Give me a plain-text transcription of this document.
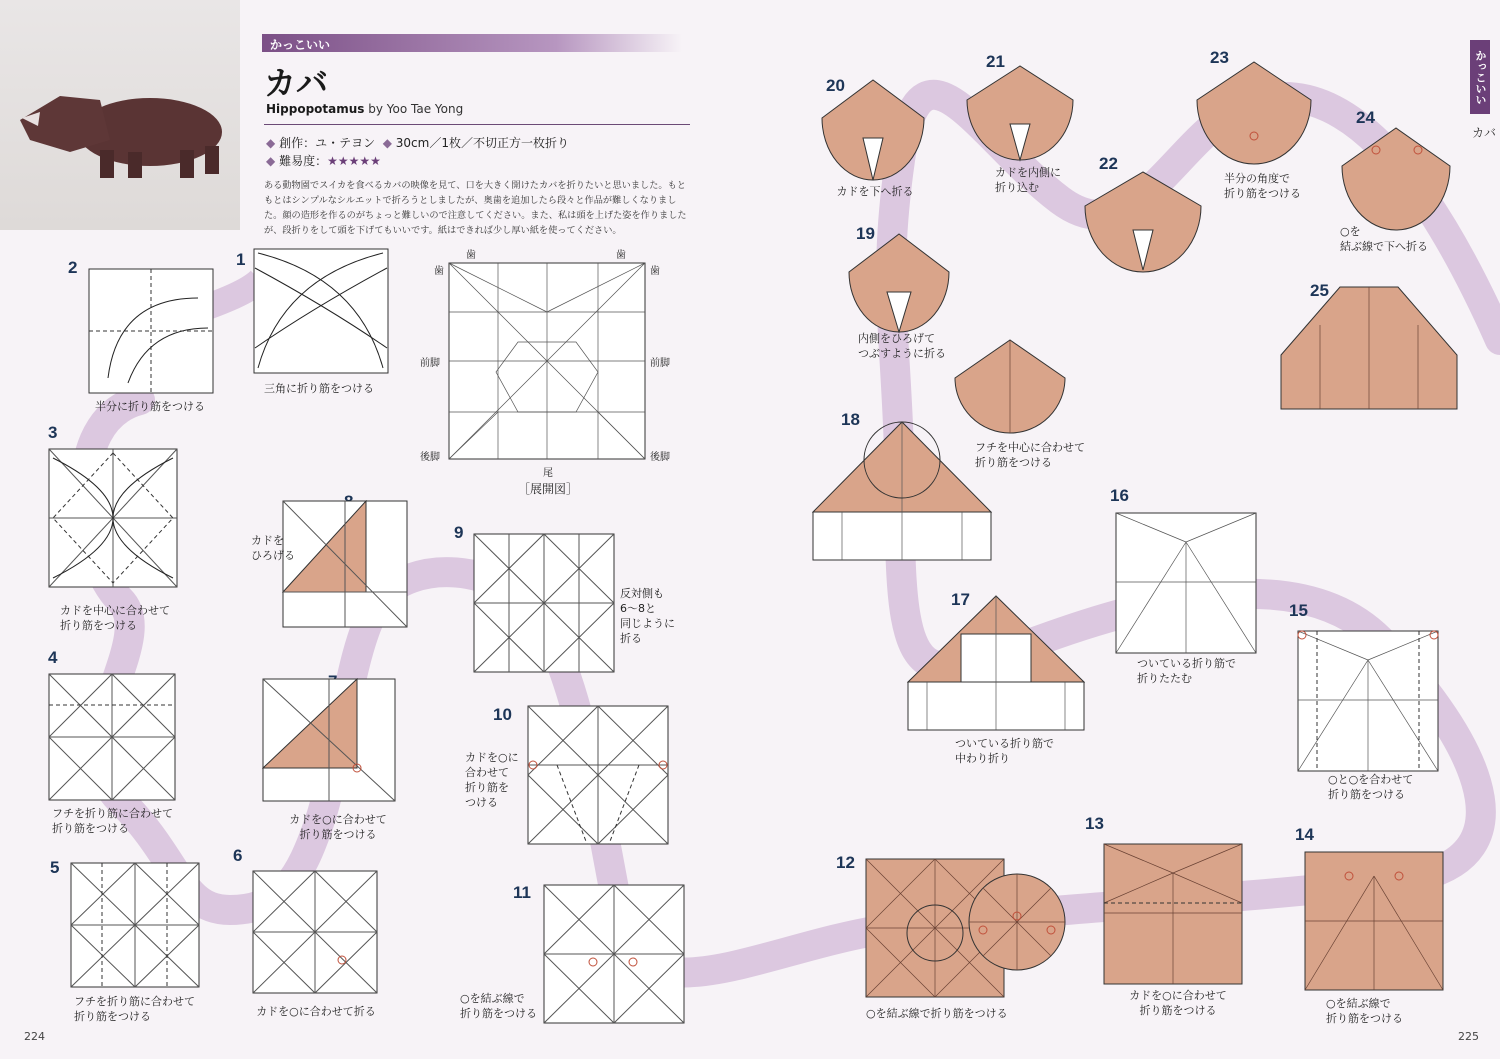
かっこいい
カバ
Hippopotamus by Yoo Tae Yong
◆ 創作：ユ・テヨン ◆ 30cm／1枚／不切正方一枚折り
◆ 難易度：★★★★★
ある動物園でスイカを食べるカバの映像を見て、口を大きく開けたカバを折りたいと思いました。もともとはシンプルなシルエットで折ろうとしましたが、奥歯を追加したら段々と作品が難しくなりました。顔の造形を作るのがちょっと難しいので注意してください。また、私は頭を上げた姿を作りましたが、段折りをして頭を下げてもいいです。紙はできれば少し厚い紙を使ってください。
かっこいい
カバ
歯	歯
歯
歯
前脚	前脚
後脚	後脚
尾
［展開図］
1
2
3
4
5
6
9
10
11
12
13
14
15
16
17
18
19
20
21
22
23
24
25
三角に折り筋をつける
半分に折り筋をつける
カドを中心に合わせて
折り筋をつける
フチを折り筋に合わせて
折り筋をつける
フチを折り筋に合わせて
折り筋をつける	カドを○に合わせて折る
カドを○に合わせて
折り筋をつける
カドを
ひろげる
反対側も
6～8と
同じように
折る
カドを○に
合わせて
折り筋を
つける
○を結ぶ線で
折り筋をつける	○を結ぶ線で折り筋をつける
カドを○に合わせて
折り筋をつける
○を結ぶ線で
折り筋をつける
○と○を合わせて
折り筋をつける
ついている折り筋で
折りたたむ
ついている折り筋で
中わり折り
フチを中心に合わせて
折り筋をつける
内側をひろげて
つぶすように折る
カドを下へ折る
カドを内側に
折り込む
半分の角度で
折り筋をつける
○を
結ぶ線で下へ折る
224	225
